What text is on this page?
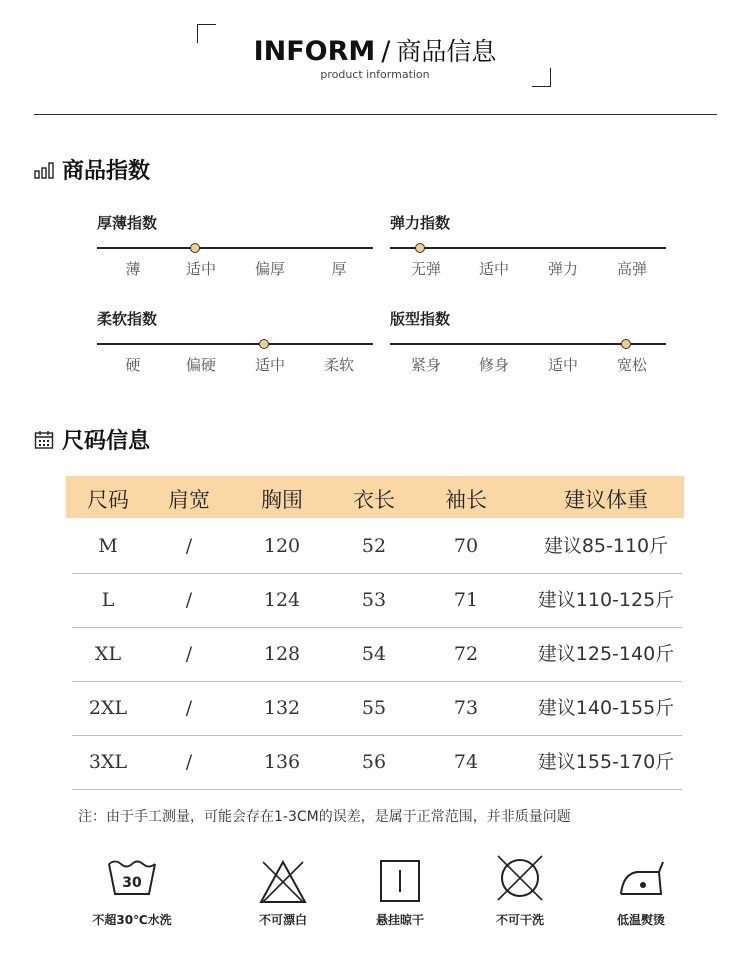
INFORM / 商品信息
product information
商品指数
厚薄指数
薄	适中	偏厚	厚
弹力指数
无弹	适中	弹力	高弹
柔软指数
硬	偏硬	适中	柔软
版型指数
紧身	修身	适中	宽松
尺码信息
尺码	肩宽	胸围	衣长	袖长	建议体重
M	/	120	52	70	建议85-110斤
L	/	124	53	71	建议110-125斤
XL	/	128	54	72	建议125-140斤
2XL	/	132	55	73	建议140-155斤
3XL	/	136	56	74	建议155-170斤
注：由于手工测量，可能会存在1-3CM的误差，是属于正常范围，并非质量问题
30
不超30℃水洗	不可漂白	悬挂晾干	不可干洗	低温熨烫
